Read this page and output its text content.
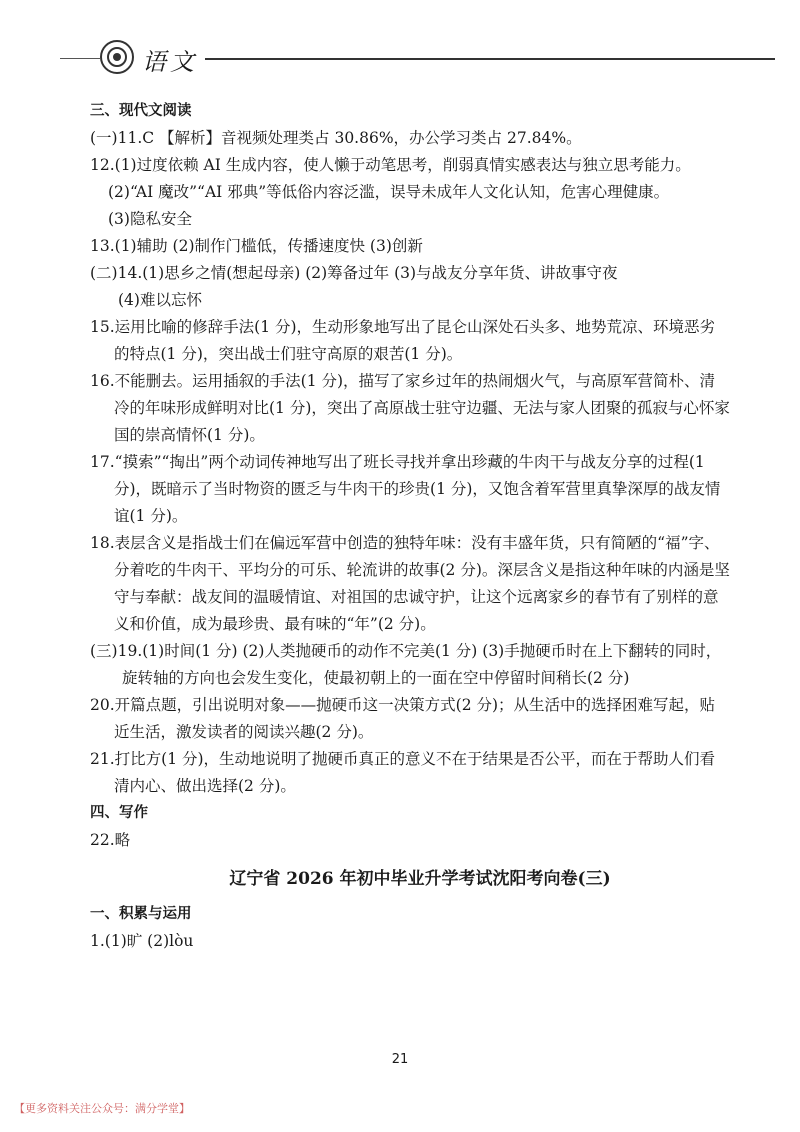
语文

三、现代文阅读

(一)11.C 【解析】音视频处理类占 30.86%，办公学习类占 27.84%。

12.(1)过度依赖 AI 生成内容，使人懒于动笔思考，削弱真情实感表达与独立思考能力。

(2)“AI 魔改”“AI 邪典”等低俗内容泛滥，误导未成年人文化认知，危害心理健康。

(3)隐私安全

13.(1)辅助 (2)制作门槛低，传播速度快 (3)创新

(二)14.(1)思乡之情(想起母亲) (2)筹备过年 (3)与战友分享年货、讲故事守夜

(4)难以忘怀

15.运用比喻的修辞手法(1 分)，生动形象地写出了昆仑山深处石头多、地势荒凉、环境恶劣的特点(1 分)，突出战士们驻守高原的艰苦(1 分)。

16.不能删去。运用插叙的手法(1 分)，描写了家乡过年的热闹烟火气，与高原军营简朴、清冷的年味形成鲜明对比(1 分)，突出了高原战士驻守边疆、无法与家人团聚的孤寂与心怀家国的崇高情怀(1 分)。

17.“摸索”“掏出”两个动词传神地写出了班长寻找并拿出珍藏的牛肉干与战友分享的过程(1 分)，既暗示了当时物资的匮乏与牛肉干的珍贵(1 分)，又饱含着军营里真挚深厚的战友情谊(1 分)。

18.表层含义是指战士们在偏远军营中创造的独特年味：没有丰盛年货，只有简陋的“福”字、分着吃的牛肉干、平均分的可乐、轮流讲的故事(2 分)。深层含义是指这种年味的内涵是坚守与奉献：战友间的温暖情谊、对祖国的忠诚守护，让这个远离家乡的春节有了别样的意义和价值，成为最珍贵、最有味的“年”(2 分)。

(三)19.(1)时间(1 分) (2)人类抛硬币的动作不完美(1 分) (3)手抛硬币时在上下翻转的同时，旋转轴的方向也会发生变化，使最初朝上的一面在空中停留时间稍长(2 分)

20.开篇点题，引出说明对象——抛硬币这一决策方式(2 分)；从生活中的选择困难写起，贴近生活，激发读者的阅读兴趣(2 分)。

21.打比方(1 分)，生动地说明了抛硬币真正的意义不在于结果是否公平，而在于帮助人们看清内心、做出选择(2 分)。

四、写作

22.略

辽宁省 2026 年初中毕业升学考试沈阳考向卷(三)

一、积累与运用

1.(1)旷 (2)lòu

21
【更多资料关注公众号：满分学堂】
